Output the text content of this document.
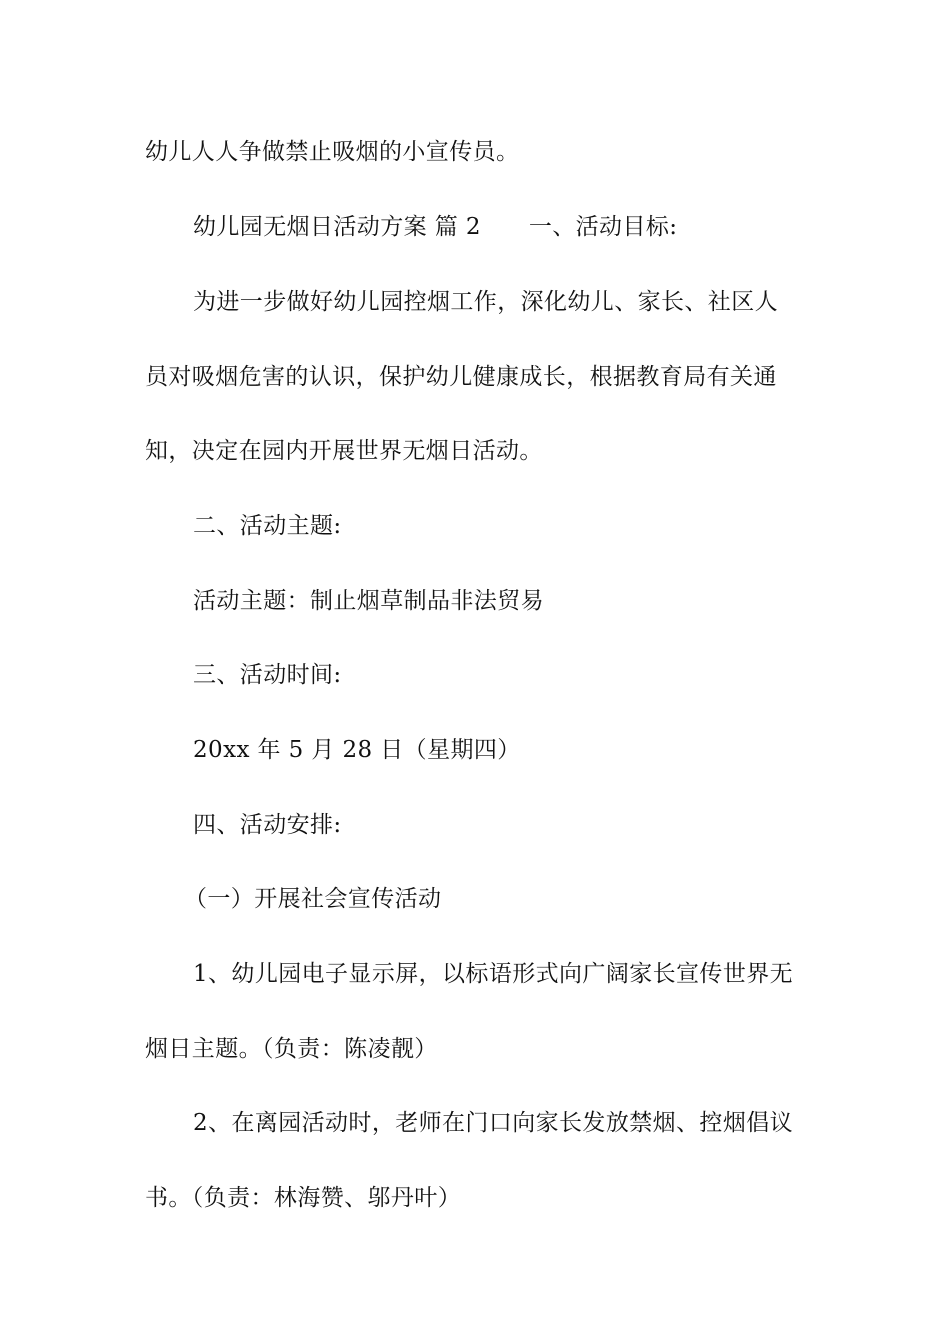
幼儿人人争做禁止吸烟的小宣传员。
幼儿园无烟日活动方案 篇 2 一、活动目标:
为进一步做好幼儿园控烟工作，深化幼儿、家长、社区人
员对吸烟危害的认识，保护幼儿健康成长，根据教育局有关通
知，决定在园内开展世界无烟日活动。
二、活动主题:
活动主题：制止烟草制品非法贸易
三、活动时间:
20xx 年 5 月 28 日（星期四）
四、活动安排:
（一）开展社会宣传活动
1、幼儿园电子显示屏，以标语形式向广阔家长宣传世界无
烟日主题。（负责：陈凌靓）
2、在离园活动时，老师在门口向家长发放禁烟、控烟倡议
书。（负责：林海赞、邬丹叶）
